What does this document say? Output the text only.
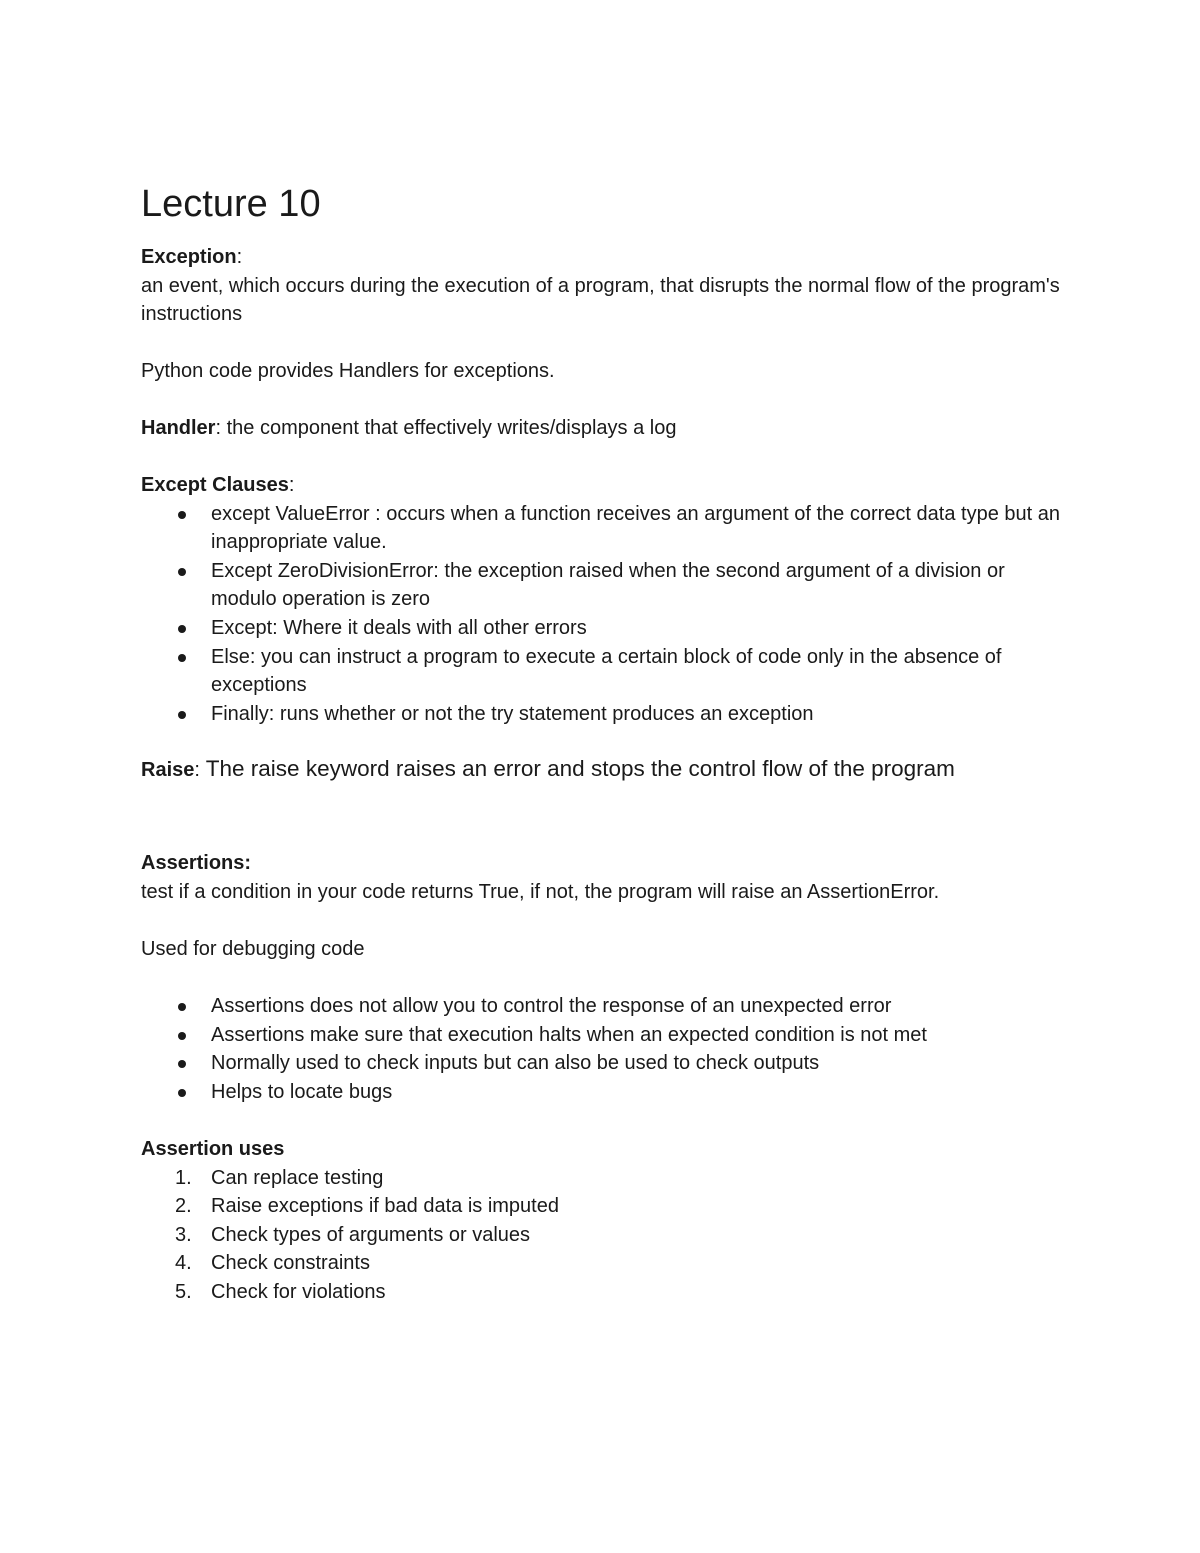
Lecture 10
Exception:
an event, which occurs during the execution of a program, that disrupts the normal flow of the program's instructions

Python code provides Handlers for exceptions.

Handler: the component that effectively writes/displays a log

Except Clauses:
except ValueError : occurs when a function receives an argument of the correct data type but an inappropriate value.
Except ZeroDivisionError: the exception raised when the second argument of a division or modulo operation is zero
Except: Where it deals with all other errors
Else: you can instruct a program to execute a certain block of code only in the absence of exceptions
Finally: runs whether or not the try statement produces an exception

Raise: The raise keyword raises an error and stops the control flow of the program

Assertions:
test if a condition in your code returns True, if not, the program will raise an AssertionError.

Used for debugging code

Assertions does not allow you to control the response of an unexpected error
Assertions make sure that execution halts when an expected condition is not met
Normally used to check inputs but can also be used to check outputs
Helps to locate bugs
Assertion uses
1. Can replace testing
2. Raise exceptions if bad data is imputed
3. Check types of arguments or values
4. Check constraints
5. Check for violations
